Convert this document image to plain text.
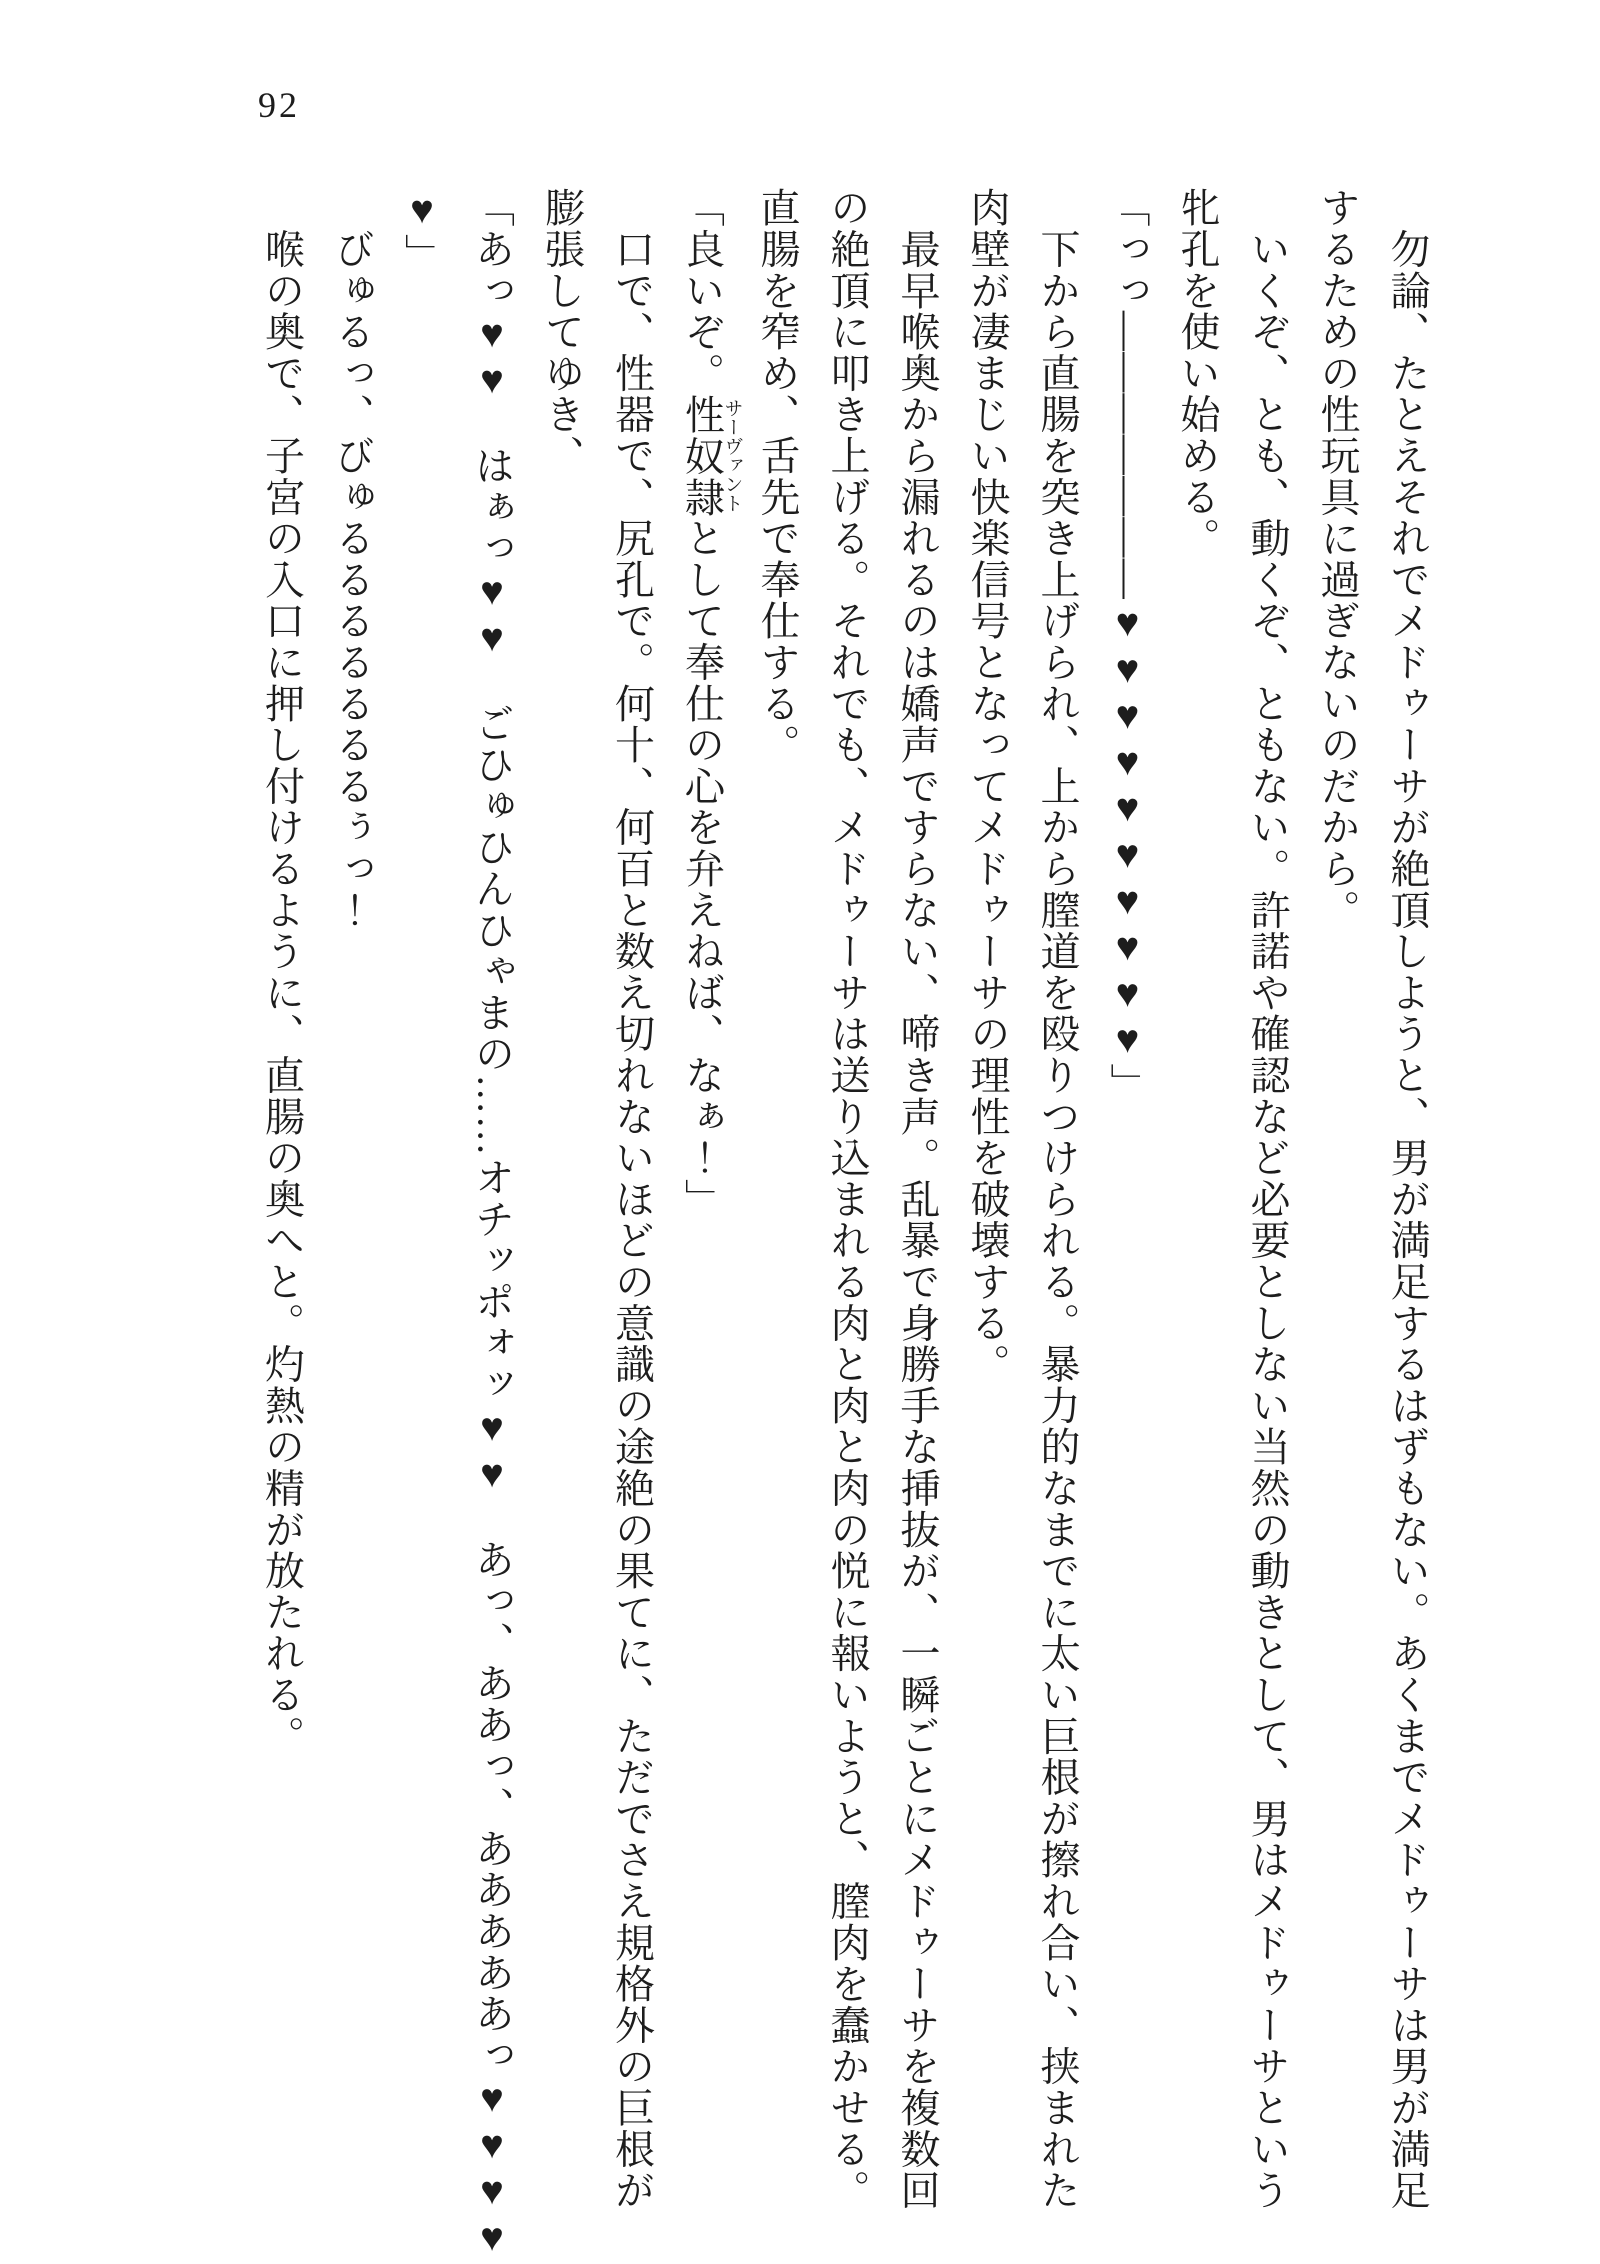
92

　勿論、たとえそれでメドゥーサが絶頂しようと、男が満足するはずもない。あくまでメドゥーサは男が満足

するための性玩具に過ぎないのだから。

　いくぞ、とも、動くぞ、ともない。許諾や確認など必要としない当然の動きとして、男はメドゥーサという

牝孔を使い始める。

「っっ―――――――♥♥♥♥♥♥♥♥♥♥」

　下から直腸を突き上げられ、上から膣道を殴りつけられる。暴力的なまでに太い巨根が擦れ合い、挟まれた

肉壁が凄まじい快楽信号となってメドゥーサの理性を破壊する。

　最早喉奥から漏れるのは嬌声ですらない、啼き声。乱暴で身勝手な挿抜が、一瞬ごとにメドゥーサを複数回

の絶頂に叩き上げる。それでも、メドゥーサは送り込まれる肉と肉と肉の悦に報いようと、膣肉を蠢かせる。

直腸を窄め、舌先で奉仕する。

「良いぞ。性奴隷サーヴァントとして奉仕の心を弁えねば、なぁ！」

　口で、性器で、尻孔で。何十、何百と数え切れないほどの意識の途絶の果てに、ただでさえ規格外の巨根が

膨張してゆき、

「あっ♥♥　はぁっ♥♥　ごひゅひんひゃまの……オチッポォッ♥♥　あっ、ああっ、あああああっ♥♥♥♥

♥」

　びゅるっ、びゅるるるるるるるぅっ！

　喉の奥で、子宮の入口に押し付けるように、直腸の奥へと。灼熱の精が放たれる。
